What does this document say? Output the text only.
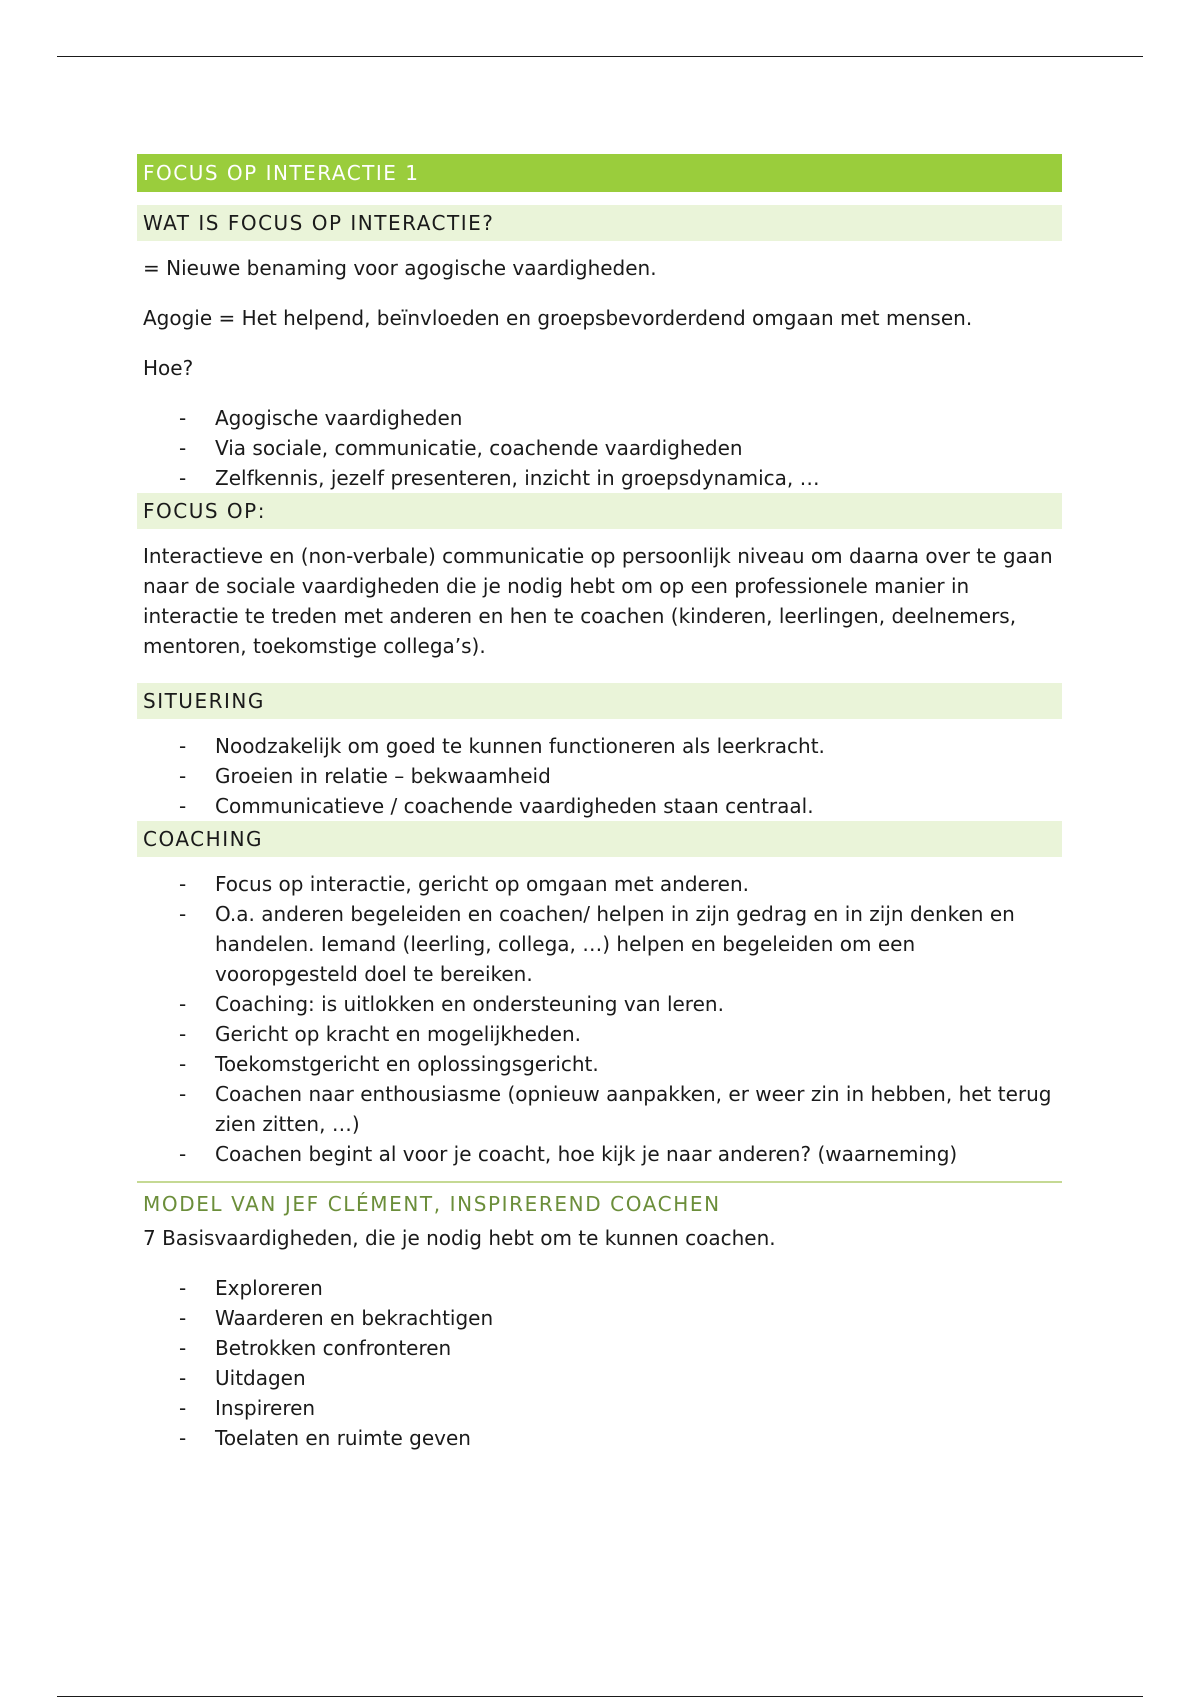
FOCUS OP INTERACTIE 1
WAT IS FOCUS OP INTERACTIE?

= Nieuwe benaming voor agogische vaardigheden.

Agogie = Het helpend, beïnvloeden en groepsbevorderdend omgaan met mensen.

Hoe?

- Agogische vaardigheden
- Via sociale, communicatie, coachende vaardigheden
- Zelfkennis, jezelf presenteren, inzicht in groepsdynamica, …
FOCUS OP:

Interactieve en (non-verbale) communicatie op persoonlijk niveau om daarna over te gaan naar de sociale vaardigheden die je nodig hebt om op een professionele manier in interactie te treden met anderen en hen te coachen (kinderen, leerlingen, deelnemers, mentoren, toekomstige collega’s).

SITUERING
- Noodzakelijk om goed te kunnen functioneren als leerkracht.
- Groeien in relatie – bekwaamheid
- Communicatieve / coachende vaardigheden staan centraal.
COACHING
- Focus op interactie, gericht op omgaan met anderen.
- O.a. anderen begeleiden en coachen/ helpen in zijn gedrag en in zijn denken en handelen. Iemand (leerling, collega, …) helpen en begeleiden om een vooropgesteld doel te bereiken.
- Coaching: is uitlokken en ondersteuning van leren.
- Gericht op kracht en mogelijkheden.
- Toekomstgericht en oplossingsgericht.
- Coachen naar enthousiasme (opnieuw aanpakken, er weer zin in hebben, het terug zien zitten, …)
- Coachen begint al voor je coacht, hoe kijk je naar anderen? (waarneming)
MODEL VAN JEF CLÉMENT, INSPIREREND COACHEN

7 Basisvaardigheden, die je nodig hebt om te kunnen coachen.

- Exploreren
- Waarderen en bekrachtigen
- Betrokken confronteren
- Uitdagen
- Inspireren
- Toelaten en ruimte geven
